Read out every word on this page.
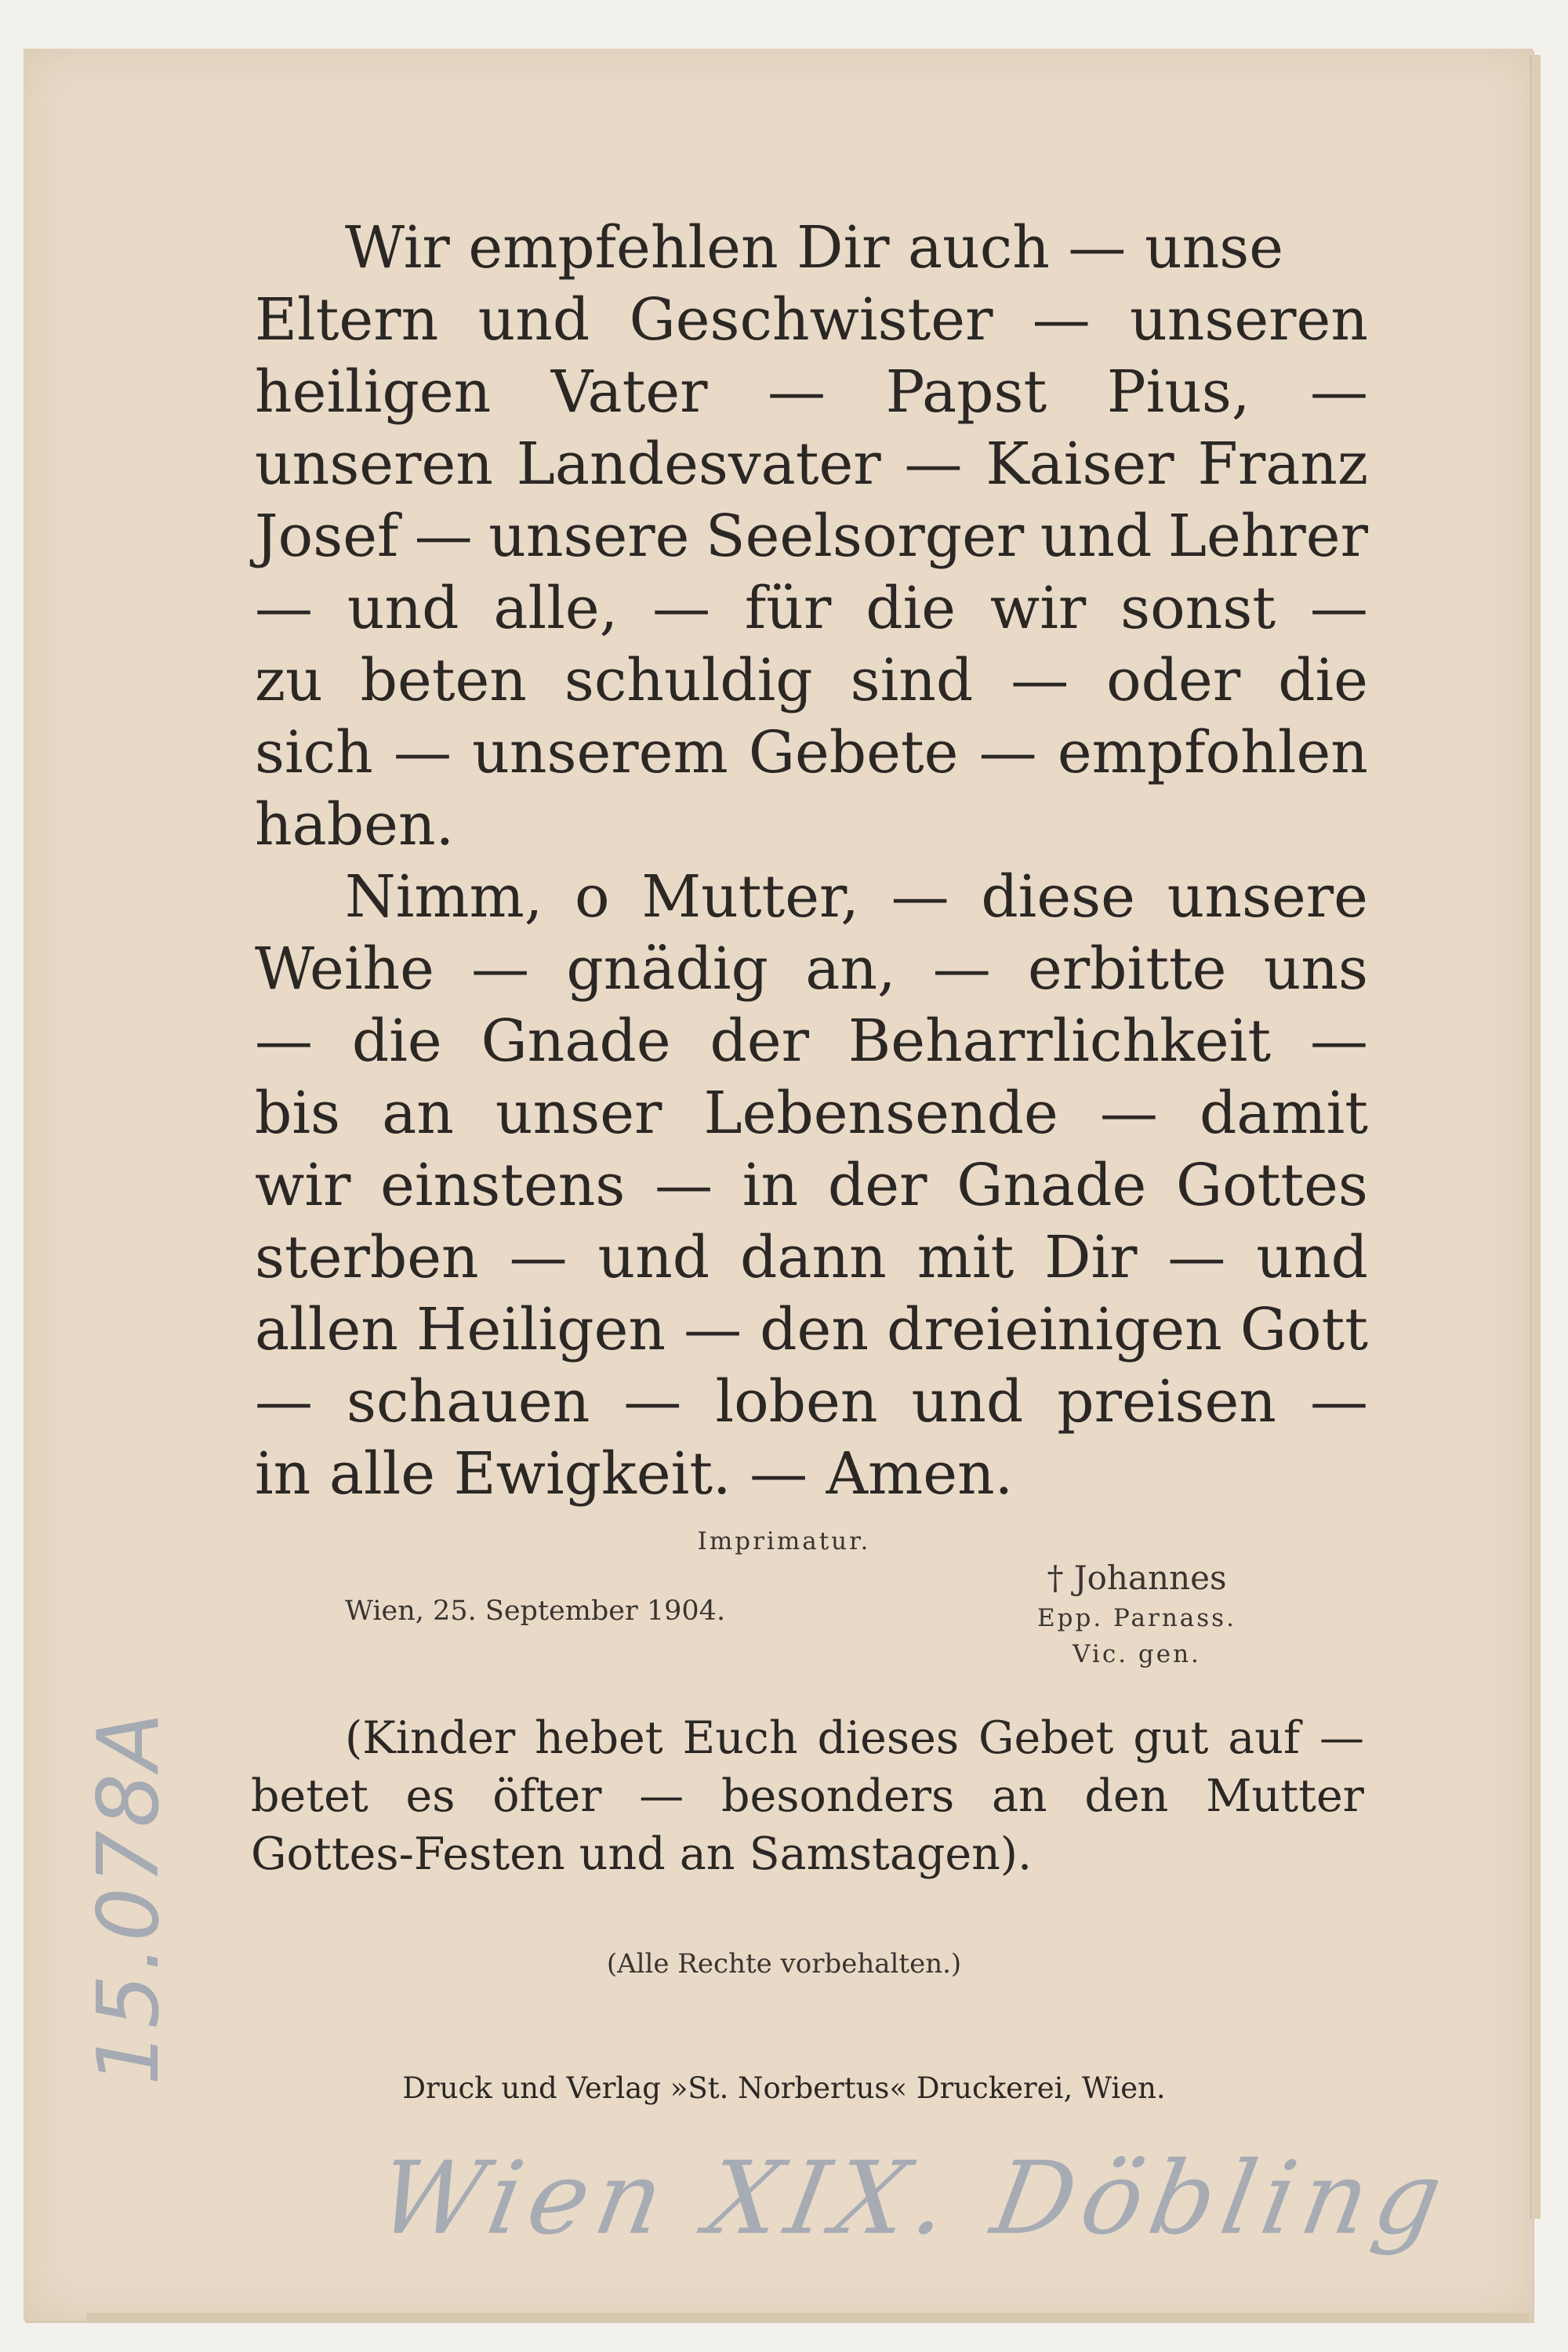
Wir empfehlen Dir auch — unse
Eltern und Geschwister — unseren
heiligen Vater — Papst Pius, —
unseren Landesvater — Kaiser Franz
Josef — unsere Seelsorger und Lehrer
— und alle, — für die wir sonst —
zu beten schuldig sind — oder die
sich — unserem Gebete — empfohlen
haben.
Nimm, o Mutter, — diese unsere
Weihe — gnädig an, — erbitte uns
— die Gnade der Beharrlichkeit —
bis an unser Lebensende — damit
wir einstens — in der Gnade Gottes
sterben — und dann mit Dir — und
allen Heiligen — den dreieinigen Gott
— schauen — loben und preisen —
in alle Ewigkeit. — Amen.
Imprimatur.
Wien, 25. September 1904.
† Johannes
Epp. Parnass.
Vic. gen.
(Kinder hebet Euch dieses Gebet gut auf —
betet es öfter — besonders an den Mutter
Gottes-Festen und an Samstagen).
(Alle Rechte vorbehalten.)
Druck und Verlag »St. Norbertus« Druckerei, Wien.
15.078A
Wien XIX. Döbling
